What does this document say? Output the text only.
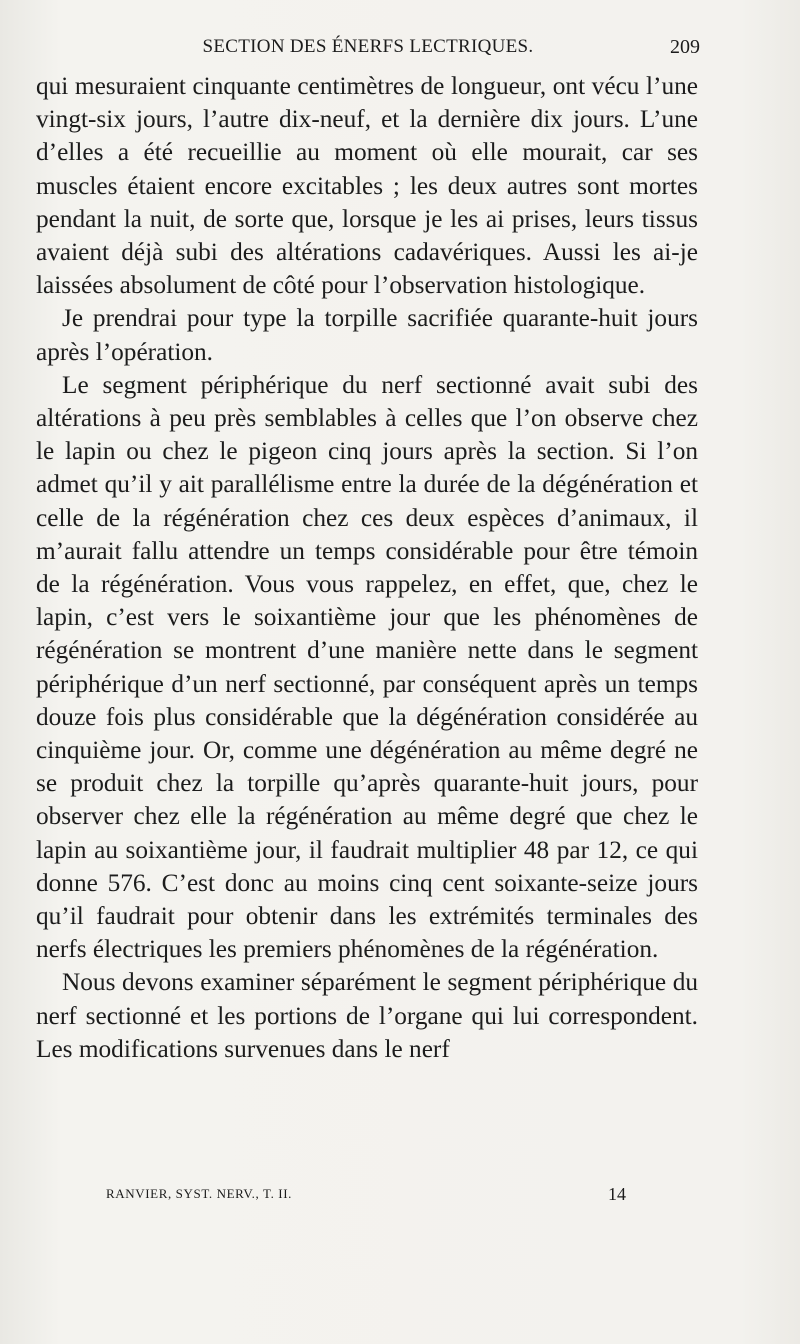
SECTION DES ÉNERFS LECTRIQUES.	209

qui mesuraient cinquante centimètres de longueur, ont vécu l’une vingt-six jours, l’autre dix-neuf, et la dernière dix jours. L’une d’elles a été recueillie au moment où elle mourait, car ses muscles étaient encore excitables ; les deux autres sont mortes pendant la nuit, de sorte que, lorsque je les ai prises, leurs tissus avaient déjà subi des altérations cadavériques. Aussi les ai-je laissées absolument de côté pour l’observation histologique.

Je prendrai pour type la torpille sacrifiée quarante-huit jours après l’opération.

Le segment périphérique du nerf sectionné avait subi des altérations à peu près semblables à celles que l’on observe chez le lapin ou chez le pigeon cinq jours après la section. Si l’on admet qu’il y ait parallélisme entre la durée de la dégénération et celle de la régénération chez ces deux espèces d’animaux, il m’aurait fallu attendre un temps considérable pour être témoin de la régénération. Vous vous rappelez, en effet, que, chez le lapin, c’est vers le soixantième jour que les phénomènes de régénération se montrent d’une manière nette dans le segment périphérique d’un nerf sectionné, par conséquent après un temps douze fois plus considérable que la dégénération considérée au cinquième jour. Or, comme une dégénération au même degré ne se produit chez la torpille qu’après quarante-huit jours, pour observer chez elle la régénération au même degré que chez le lapin au soixantième jour, il faudrait multiplier 48 par 12, ce qui donne 576. C’est donc au moins cinq cent soixante-seize jours qu’il faudrait pour obtenir dans les extrémités terminales des nerfs électriques les premiers phénomènes de la régénération.

Nous devons examiner séparément le segment périphérique du nerf sectionné et les portions de l’organe qui lui correspondent. Les modifications survenues dans le nerf

RANVIER, SYST. NERV., T. II.	14
